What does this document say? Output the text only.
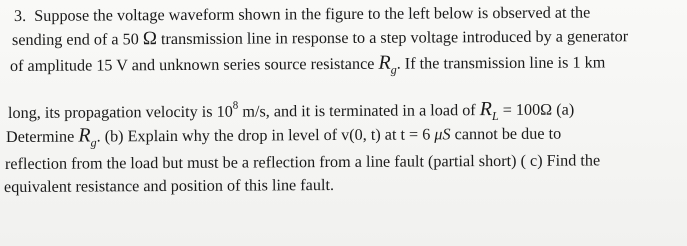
3. Suppose the voltage waveform shown in the figure to the left below is observed at the
sending end of a 50 Ω transmission line in response to a step voltage introduced by a generator
of amplitude 15 V and unknown series source resistance $R_g$. If the transmission line is 1 km
long, its propagation velocity is $10^8$ m/s, and it is terminated in a load of $R_L = 100\Omega$ (a)
Determine $R_g$. (b) Explain why the drop in level of v(0, t) at t = 6 μS cannot be due to
reflection from the load but must be a reflection from a line fault (partial short) ( c) Find the
equivalent resistance and position of this line fault.
